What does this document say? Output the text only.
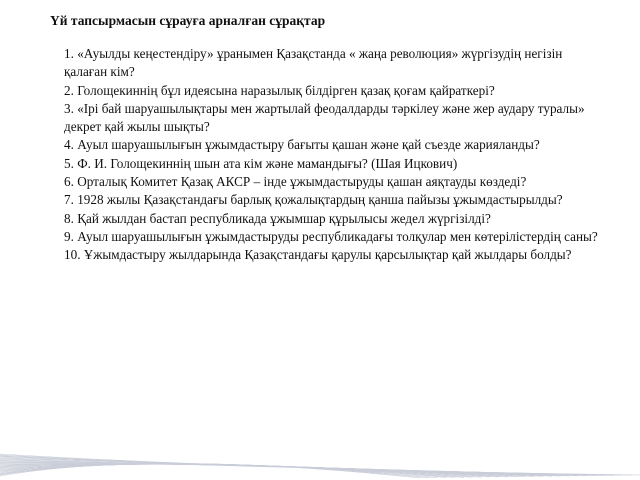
Үй тапсырмасын сұрауға арналған сұрақтар
1. «Ауылды кеңестендіру» ұранымен Қазақстанда « жаңа революция» жүргізудің негізін қалаған кім?
2. Голощекиннің бұл идеясына наразылық білдірген қазақ қоғам қайраткері?
3. «Ірі бай шаруашылықтары мен жартылай феодалдарды тәркілеу және жер аудару туралы» декрет қай жылы шықты?
4. Ауыл шаруашылығын ұжымдастыру бағыты қашан және қай съезде жарияланды?
5. Ф. И. Голощекиннің шын ата кім және мамандығы? (Шая Ицкович)
6. Орталық Комитет Қазақ АКСР – інде ұжымдастыруды қашан аяқтауды көздеді?
7. 1928 жылы Қазақстандағы барлық қожалықтардың қанша пайызы ұжымдастырылды?
8. Қай жылдан бастап республикада ұжымшар құрылысы жедел жүргізілді?
9. Ауыл шаруашылығын ұжымдастыруды республикадағы толқулар мен көтерілістердің саны?
10. Ұжымдастыру жылдарында Қазақстандағы қарулы қарсылықтар қай жылдары болды?
